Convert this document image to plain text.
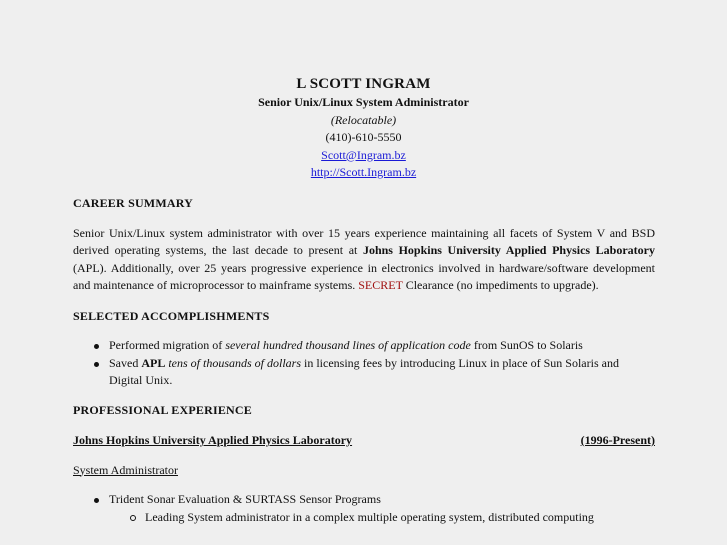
L SCOTT INGRAM
Senior Unix/Linux System Administrator
(Relocatable)
(410)-610-5550
Scott@Ingram.bz
http://Scott.Ingram.bz

CAREER SUMMARY

Senior Unix/Linux system administrator with over 15 years experience maintaining all facets of System V and BSD derived operating systems, the last decade to present at Johns Hopkins University Applied Physics Laboratory (APL). Additionally, over 25 years progressive experience in electronics involved in hardware/software development and maintenance of microprocessor to mainframe systems. SECRET Clearance (no impediments to upgrade).

SELECTED ACCOMPLISHMENTS

Performed migration of several hundred thousand lines of application code from SunOS to Solaris
Saved APL tens of thousands of dollars in licensing fees by introducing Linux in place of Sun Solaris and Digital Unix.

PROFESSIONAL EXPERIENCE

Johns Hopkins University Applied Physics Laboratory	(1996-Present)

System Administrator

Trident Sonar Evaluation & SURTASS Sensor Programs
Leading System administrator in a complex multiple operating system, distributed computing
